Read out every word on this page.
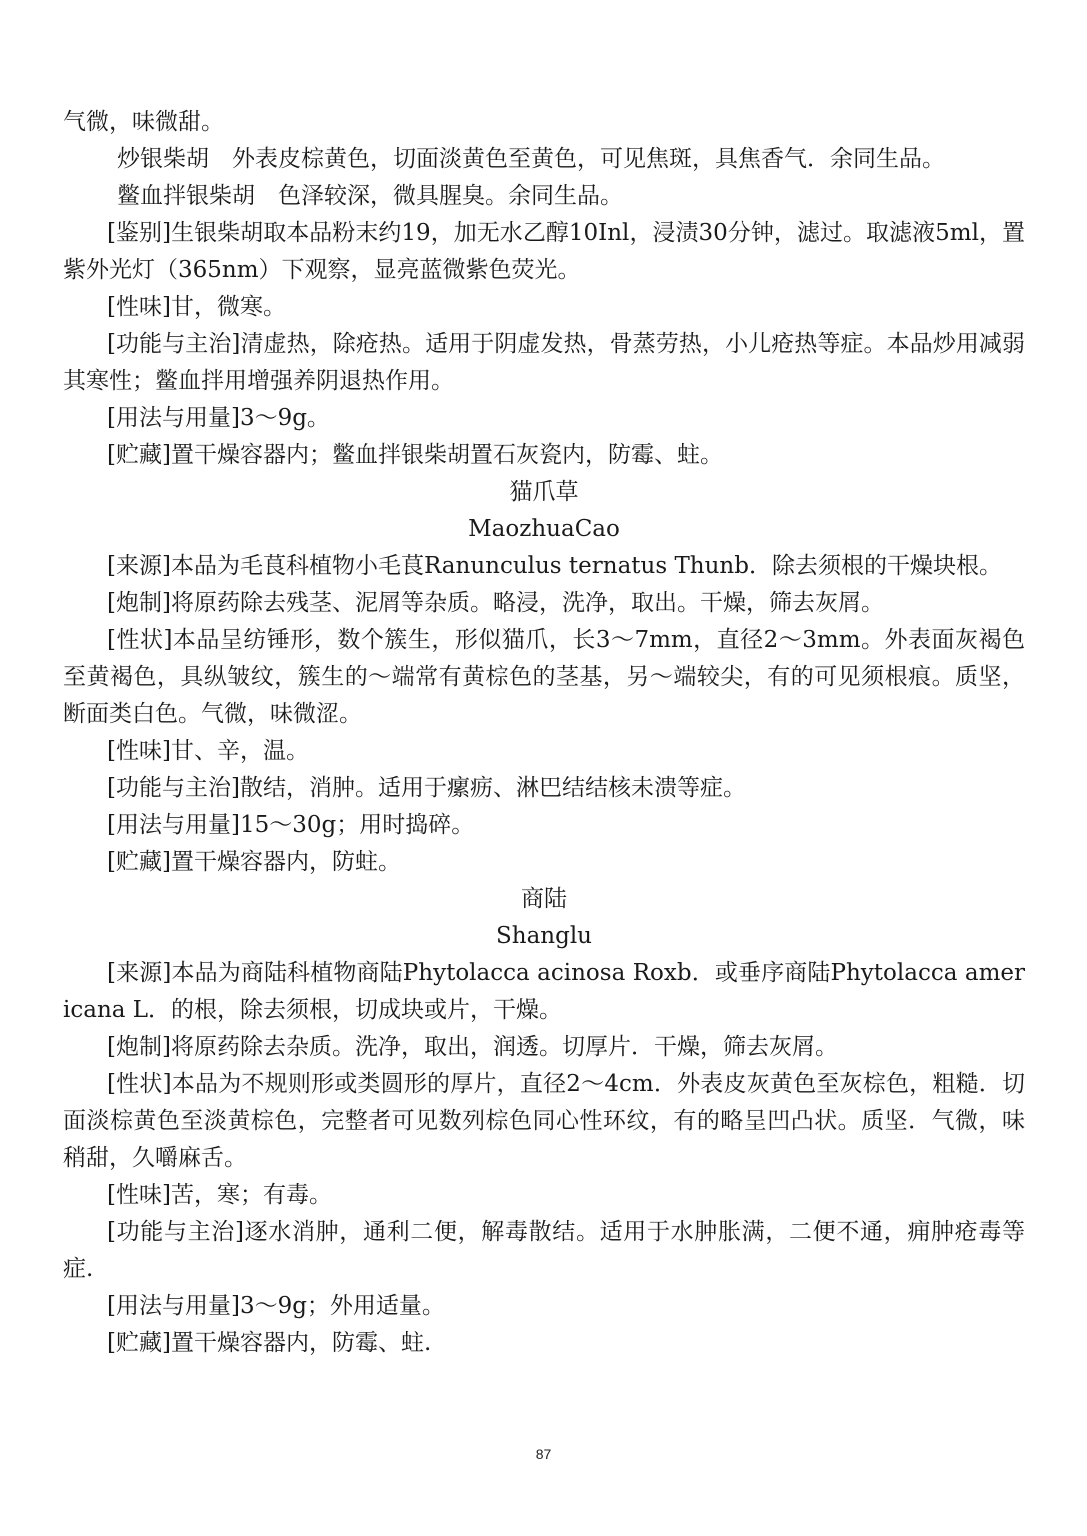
气微，味微甜。

炒银柴胡　外表皮棕黄色，切面淡黄色至黄色，可见焦斑，具焦香气．余同生品。

鳖血拌银柴胡　色泽较深，微具腥臭。余同生品。

[鉴别]生银柴胡取本品粉末约19，加无水乙醇10Inl，浸渍30分钟，滤过。取滤液5ml，置紫外光灯（365nm）下观察，显亮蓝微紫色荧光。

[性味]甘，微寒。

[功能与主治]清虚热，除疮热。适用于阴虚发热，骨蒸劳热，小儿疮热等症。本品炒用减弱其寒性；鳖血拌用增强养阴退热作用。

[用法与用量]3～9g。

[贮藏]置干燥容器内；鳖血拌银柴胡置石灰瓷内，防霉、蛀。

猫爪草

MaozhuaCao

[来源]本品为毛茛科植物小毛茛Ranunculus ternatus Thunb．除去须根的干燥块根。

[炮制]将原药除去残茎、泥屑等杂质。略浸，洗净，取出。干燥，筛去灰屑。

[性状]本品呈纺锤形，数个簇生，形似猫爪，长3～7mm，直径2～3mm。外表面灰褐色至黄褐色，具纵皱纹，簇生的～端常有黄棕色的茎基，另～端较尖，有的可见须根痕。质坚，断面类白色。气微，味微涩。

[性味]甘、辛，温。

[功能与主治]散结，消肿。适用于瘰疬、淋巴结结核未溃等症。

[用法与用量]15～30g；用时捣碎。

[贮藏]置干燥容器内，防蛀。

商陆

Shanglu

[来源]本品为商陆科植物商陆Phytolacca acinosa Roxb．或垂序商陆Phytolacca americana L．的根，除去须根，切成块或片，干燥。

[炮制]将原药除去杂质。洗净，取出，润透。切厚片．干燥，筛去灰屑。

[性状]本品为不规则形或类圆形的厚片，直径2～4cm．外表皮灰黄色至灰棕色，粗糙．切面淡棕黄色至淡黄棕色，完整者可见数列棕色同心性环纹，有的略呈凹凸状。质坚．气微，味稍甜，久嚼麻舌。

[性味]苦，寒；有毒。

[功能与主治]逐水消肿，通利二便，解毒散结。适用于水肿胀满，二便不通，痈肿疮毒等症.

[用法与用量]3～9g；外用适量。

[贮藏]置干燥容器内，防霉、蛀.

87
